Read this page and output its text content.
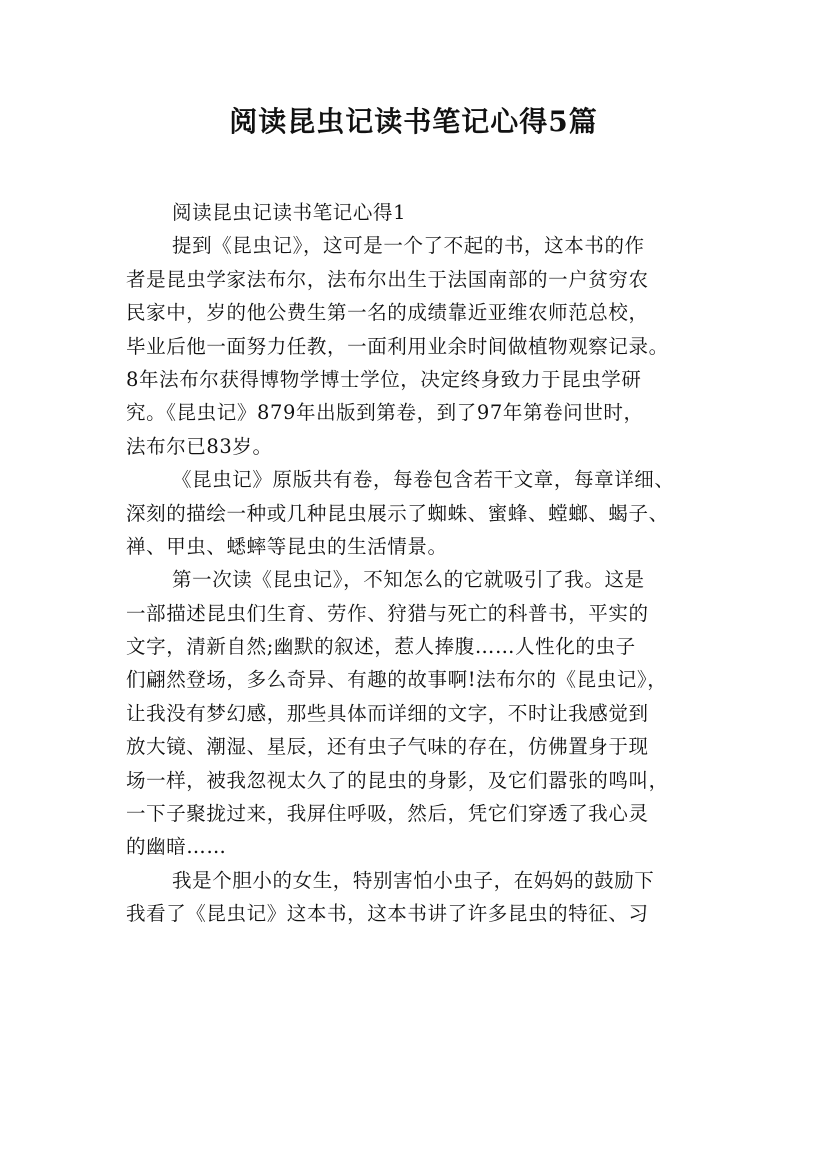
阅读昆虫记读书笔记心得5篇
阅读昆虫记读书笔记心得1
提到《昆虫记》，这可是一个了不起的书，这本书的作
者是昆虫学家法布尔，法布尔出生于法国南部的一户贫穷农
民家中，岁的他公费生第一名的成绩靠近亚维农师范总校，
毕业后他一面努力任教，一面利用业余时间做植物观察记录。
8年法布尔获得博物学博士学位，决定终身致力于昆虫学研
究。《昆虫记》879年出版到第卷，到了97年第卷问世时，
法布尔已83岁。
《昆虫记》原版共有卷，每卷包含若干文章，每章详细、
深刻的描绘一种或几种昆虫展示了蜘蛛、蜜蜂、螳螂、蝎子、
禅、甲虫、蟋蟀等昆虫的生活情景。
第一次读《昆虫记》，不知怎么的它就吸引了我。这是
一部描述昆虫们生育、劳作、狩猎与死亡的科普书，平实的
文字，清新自然;幽默的叙述，惹人捧腹……人性化的虫子
们翩然登场，多么奇异、有趣的故事啊!法布尔的《昆虫记》，
让我没有梦幻感，那些具体而详细的文字，不时让我感觉到
放大镜、潮湿、星辰，还有虫子气味的存在，仿佛置身于现
场一样，被我忽视太久了的昆虫的身影，及它们嚣张的鸣叫，
一下子聚拢过来，我屏住呼吸，然后，凭它们穿透了我心灵
的幽暗……
我是个胆小的女生，特别害怕小虫子，在妈妈的鼓励下
我看了《昆虫记》这本书，这本书讲了许多昆虫的特征、习
